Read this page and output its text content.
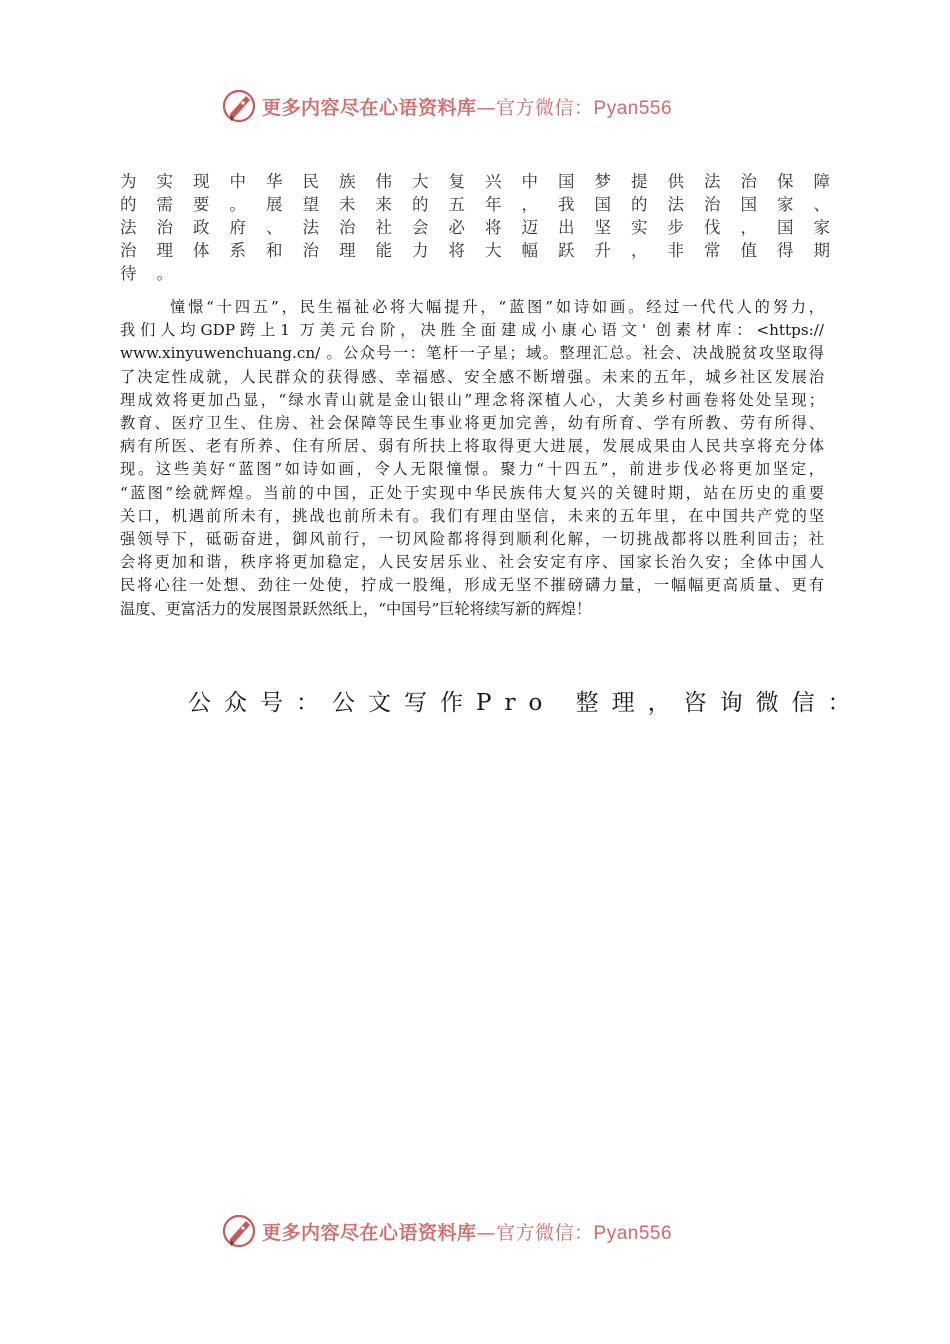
更多内容尽在心语资料库—官方微信：Pyan556
为实现中华民族伟大复兴中国梦提供法治保障
的需要。展望未来的五年，我国的法治国家、
法治政府、法治社会必将迈出坚实步伐，国家
治理体系和治理能力将大幅跃升，非常值得期
待。
憧憬“十四五”，民生福祉必将大幅提升，“蓝图”如诗如画。经过一代代人的努力，
我们人均GDP跨上1 万美元台阶，决胜全面建成小康心语文' 创素材库：<https://
www.xinyuwenchuang.cn/ 。公众号一：笔杆一子星；域。整理汇总。社会、决战脱贫攻坚取得
了决定性成就，人民群众的获得感、幸福感、安全感不断增强。未来的五年，城乡社区发展治
理成效将更加凸显，“绿水青山就是金山银山”理念将深植人心，大美乡村画卷将处处呈现；
教育、医疗卫生、住房、社会保障等民生事业将更加完善，幼有所育、学有所教、劳有所得、
病有所医、老有所养、住有所居、弱有所扶上将取得更大进展，发展成果由人民共享将充分体
现。这些美好“蓝图”如诗如画，令人无限憧憬。聚力“十四五”，前进步伐必将更加坚定，
“蓝图”绘就辉煌。当前的中国，正处于实现中华民族伟大复兴的关键时期，站在历史的重要
关口，机遇前所未有，挑战也前所未有。我们有理由坚信，未来的五年里，在中国共产党的坚
强领导下，砥砺奋进，御风前行，一切风险都将得到顺利化解，一切挑战都将以胜利回击；社
会将更加和谐，秩序将更加稳定，人民安居乐业、社会安定有序、国家长治久安；全体中国人
民将心往一处想、劲往一处使，拧成一股绳，形成无坚不摧磅礴力量，一幅幅更高质量、更有
温度、更富活力的发展图景跃然纸上，“中国号”巨轮将续写新的辉煌！
公众号：公文写作Pro 整理，咨询微信：
更多内容尽在心语资料库—官方微信：Pyan556
